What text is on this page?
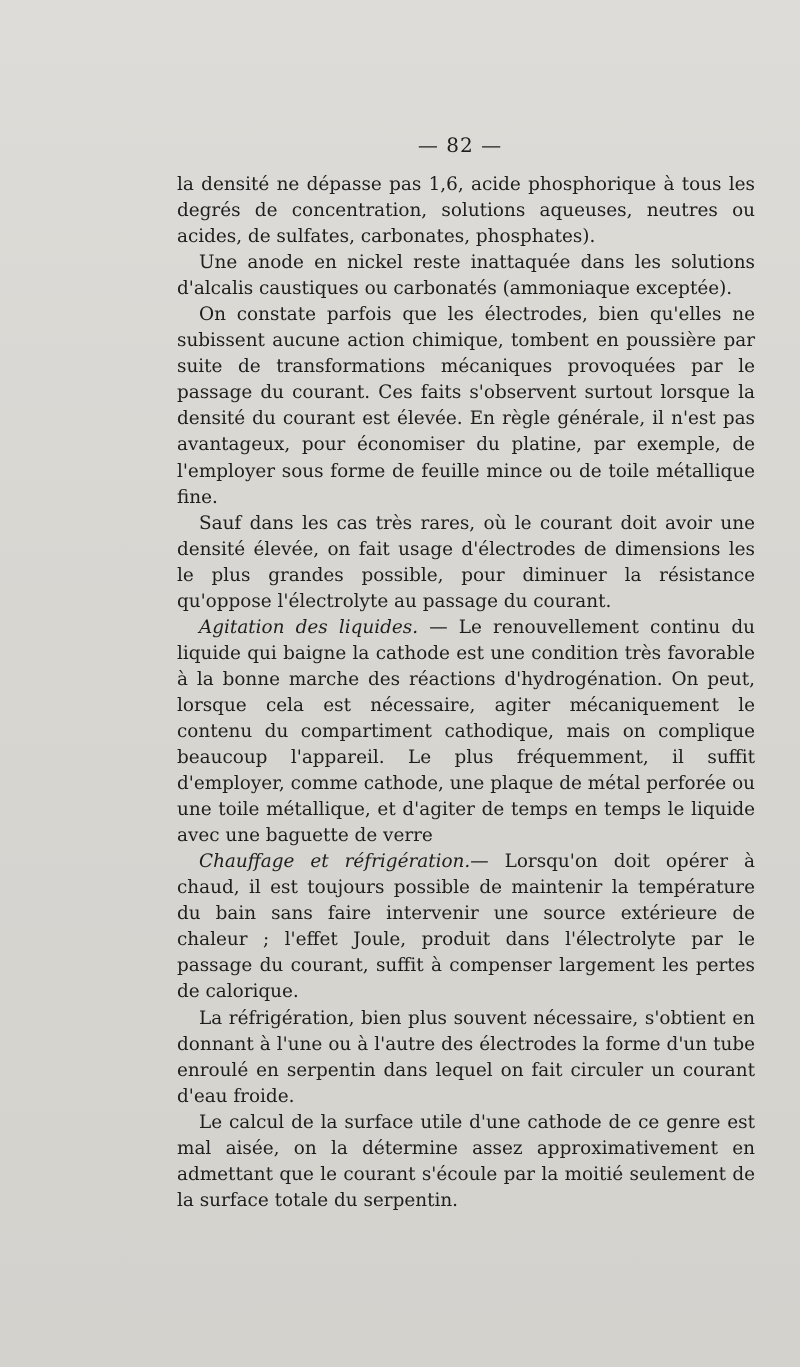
— 82 —

la densité ne dépasse pas 1,6, acide phosphorique à tous les degrés de concentration, solutions aqueuses, neutres ou acides, de sulfates, carbonates, phosphates).

Une anode en nickel reste inattaquée dans les solutions d'alcalis caustiques ou carbonatés (ammoniaque exceptée).

On constate parfois que les électrodes, bien qu'elles ne subissent aucune action chimique, tombent en poussière par suite de transformations mécaniques provoquées par le passage du courant. Ces faits s'observent surtout lorsque la densité du courant est élevée. En règle générale, il n'est pas avantageux, pour économiser du platine, par exemple, de l'employer sous forme de feuille mince ou de toile métallique fine.

Sauf dans les cas très rares, où le courant doit avoir une densité élevée, on fait usage d'électrodes de dimensions les le plus grandes possible, pour diminuer la résistance qu'oppose l'électrolyte au passage du courant.

Agitation des liquides. — Le renouvellement continu du liquide qui baigne la cathode est une condition très favorable à la bonne marche des réactions d'hydrogénation. On peut, lorsque cela est nécessaire, agiter mécaniquement le contenu du compartiment cathodique, mais on complique beaucoup l'appareil. Le plus fréquemment, il suffit d'employer, comme cathode, une plaque de métal perforée ou une toile métallique, et d'agiter de temps en temps le liquide avec une baguette de verre

Chauffage et réfrigération.— Lorsqu'on doit opérer à chaud, il est toujours possible de maintenir la température du bain sans faire intervenir une source extérieure de chaleur ; l'effet Joule, produit dans l'électrolyte par le passage du courant, suffit à compenser largement les pertes de calorique.

La réfrigération, bien plus souvent nécessaire, s'obtient en donnant à l'une ou à l'autre des électrodes la forme d'un tube enroulé en serpentin dans lequel on fait circuler un courant d'eau froide.

Le calcul de la surface utile d'une cathode de ce genre est mal aisée, on la détermine assez approximativement en admettant que le courant s'écoule par la moitié seulement de la surface totale du serpentin.
